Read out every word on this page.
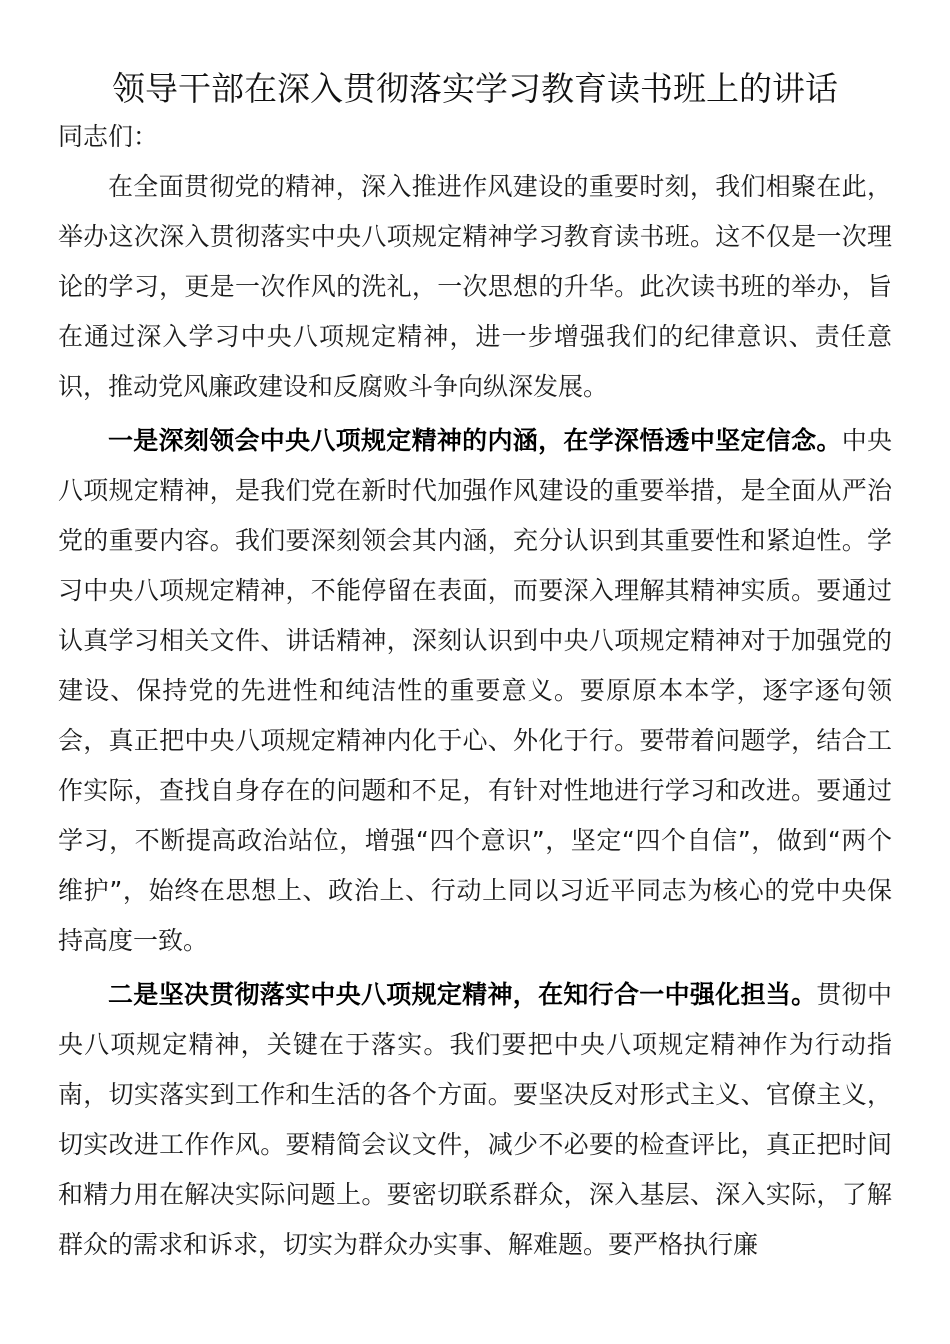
领导干部在深入贯彻落实学习教育读书班上的讲话

同志们：

在全面贯彻党的精神，深入推进作风建设的重要时刻，我们相聚在此，举办这次深入贯彻落实中央八项规定精神学习教育读书班。这不仅是一次理论的学习，更是一次作风的洗礼，一次思想的升华。此次读书班的举办，旨在通过深入学习中央八项规定精神，进一步增强我们的纪律意识、责任意识，推动党风廉政建设和反腐败斗争向纵深发展。

一是深刻领会中央八项规定精神的内涵，在学深悟透中坚定信念。中央八项规定精神，是我们党在新时代加强作风建设的重要举措，是全面从严治党的重要内容。我们要深刻领会其内涵，充分认识到其重要性和紧迫性。学习中央八项规定精神，不能停留在表面，而要深入理解其精神实质。要通过认真学习相关文件、讲话精神，深刻认识到中央八项规定精神对于加强党的建设、保持党的先进性和纯洁性的重要意义。要原原本本学，逐字逐句领会，真正把中央八项规定精神内化于心、外化于行。要带着问题学，结合工作实际，查找自身存在的问题和不足，有针对性地进行学习和改进。要通过学习，不断提高政治站位，增强“四个意识”，坚定“四个自信”，做到“两个维护”，始终在思想上、政治上、行动上同以习近平同志为核心的党中央保持高度一致。

二是坚决贯彻落实中央八项规定精神，在知行合一中强化担当。贯彻中央八项规定精神，关键在于落实。我们要把中央八项规定精神作为行动指南，切实落实到工作和生活的各个方面。要坚决反对形式主义、官僚主义，切实改进工作作风。要精简会议文件，减少不必要的检查评比，真正把时间和精力用在解决实际问题上。要密切联系群众，深入基层、深入实际，了解群众的需求和诉求，切实为群众办实事、解难题。要严格执行廉
